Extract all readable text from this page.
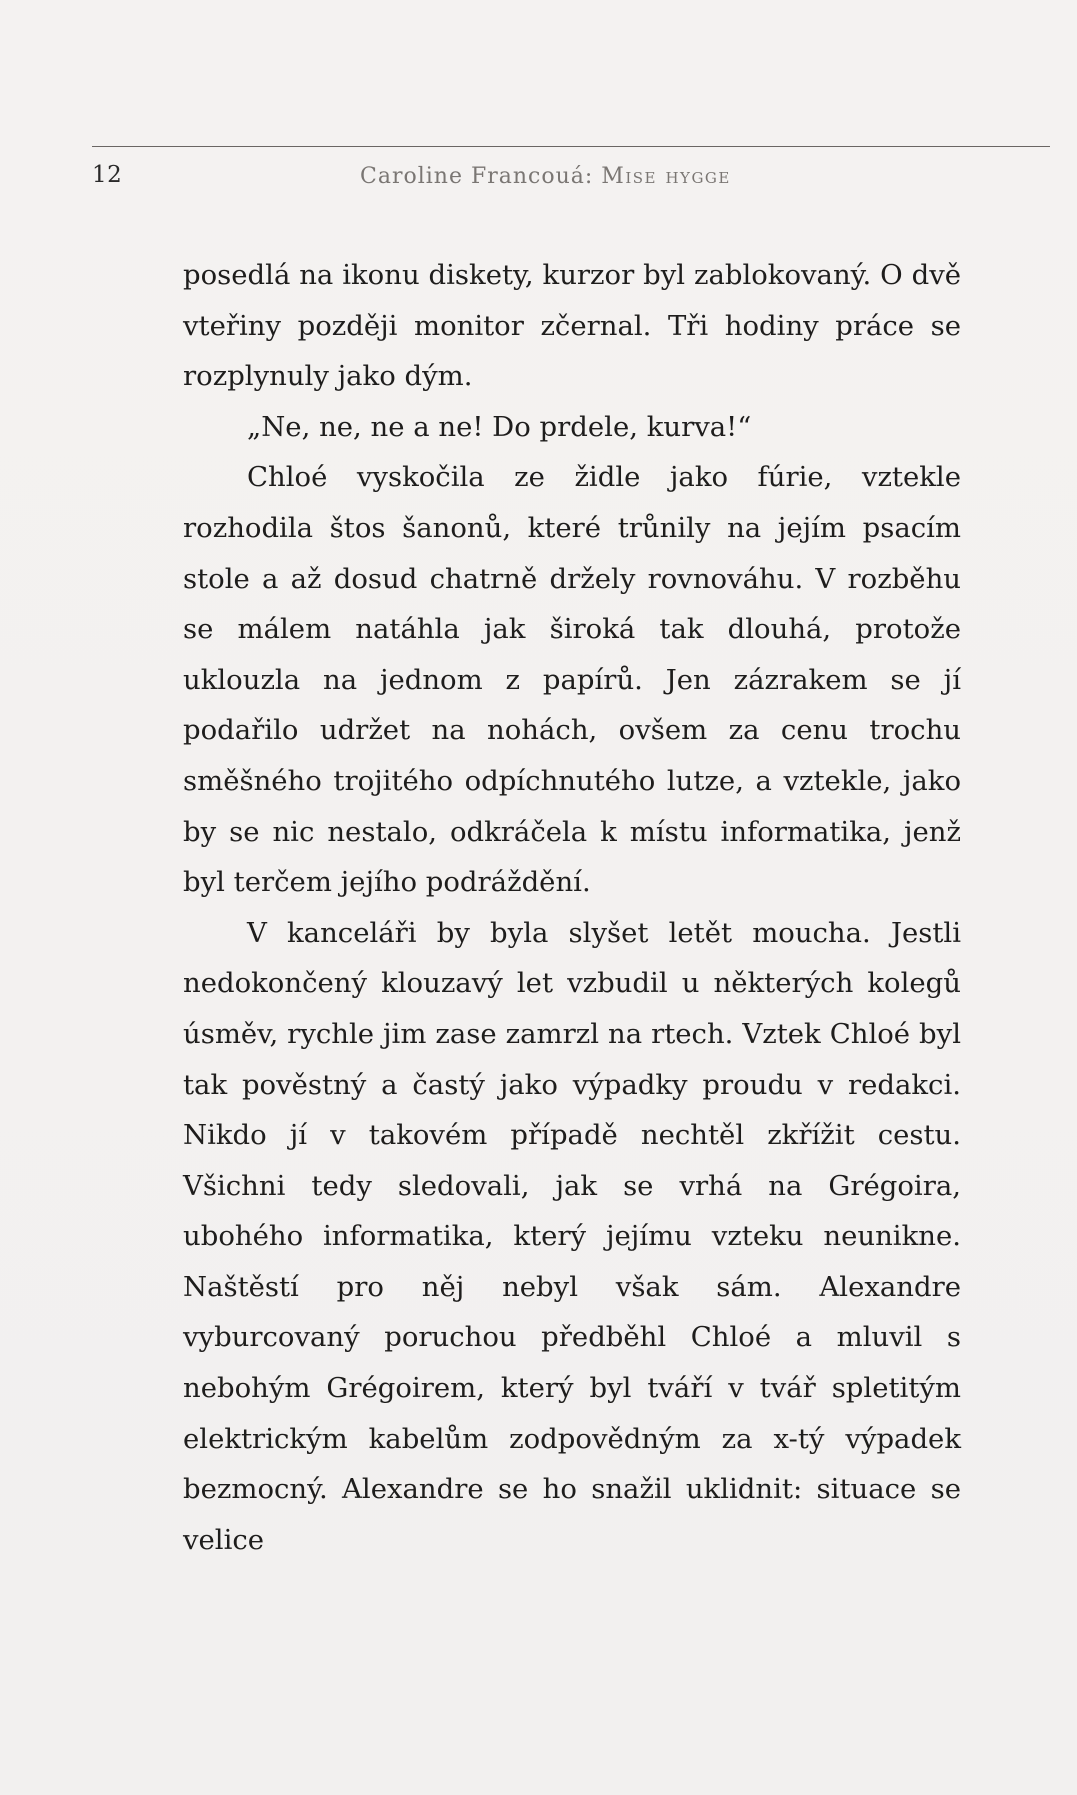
12	Caroline Francouá: Mise hygge

posedlá na ikonu diskety, kurzor byl zablokovaný. O dvě vteřiny později monitor zčernal. Tři hodiny práce se rozplynuly jako dým.

„Ne, ne, ne a ne! Do prdele, kurva!“

Chloé vyskočila ze židle jako fúrie, vztekle rozhodila štos šanonů, které trůnily na jejím psacím stole a až dosud chatrně držely rovnováhu. V rozběhu se málem natáhla jak široká tak dlouhá, protože uklouzla na jednom z papírů. Jen zázrakem se jí podařilo udržet na nohách, ovšem za cenu trochu směšného trojitého odpíchnutého lutze, a vztekle, jako by se nic nestalo, odkráčela k místu informatika, jenž byl terčem jejího podráždění.

V kanceláři by byla slyšet letět moucha. Jestli nedokončený klouzavý let vzbudil u některých kolegů úsměv, rychle jim zase zamrzl na rtech. Vztek Chloé byl tak pověstný a častý jako výpadky proudu v redakci. Nikdo jí v takovém případě nechtěl zkřížit cestu. Všichni tedy sledovali, jak se vrhá na Grégoira, ubohého informatika, který jejímu vzteku neunikne. Naštěstí pro něj nebyl však sám. Alexandre vyburcovaný poruchou předběhl Chloé a mluvil s nebohým Grégoirem, který byl tváří v tvář spletitým elektrickým kabelům zodpovědným za x-tý výpadek bezmocný. Alexandre se ho snažil uklidnit: situace se velice
